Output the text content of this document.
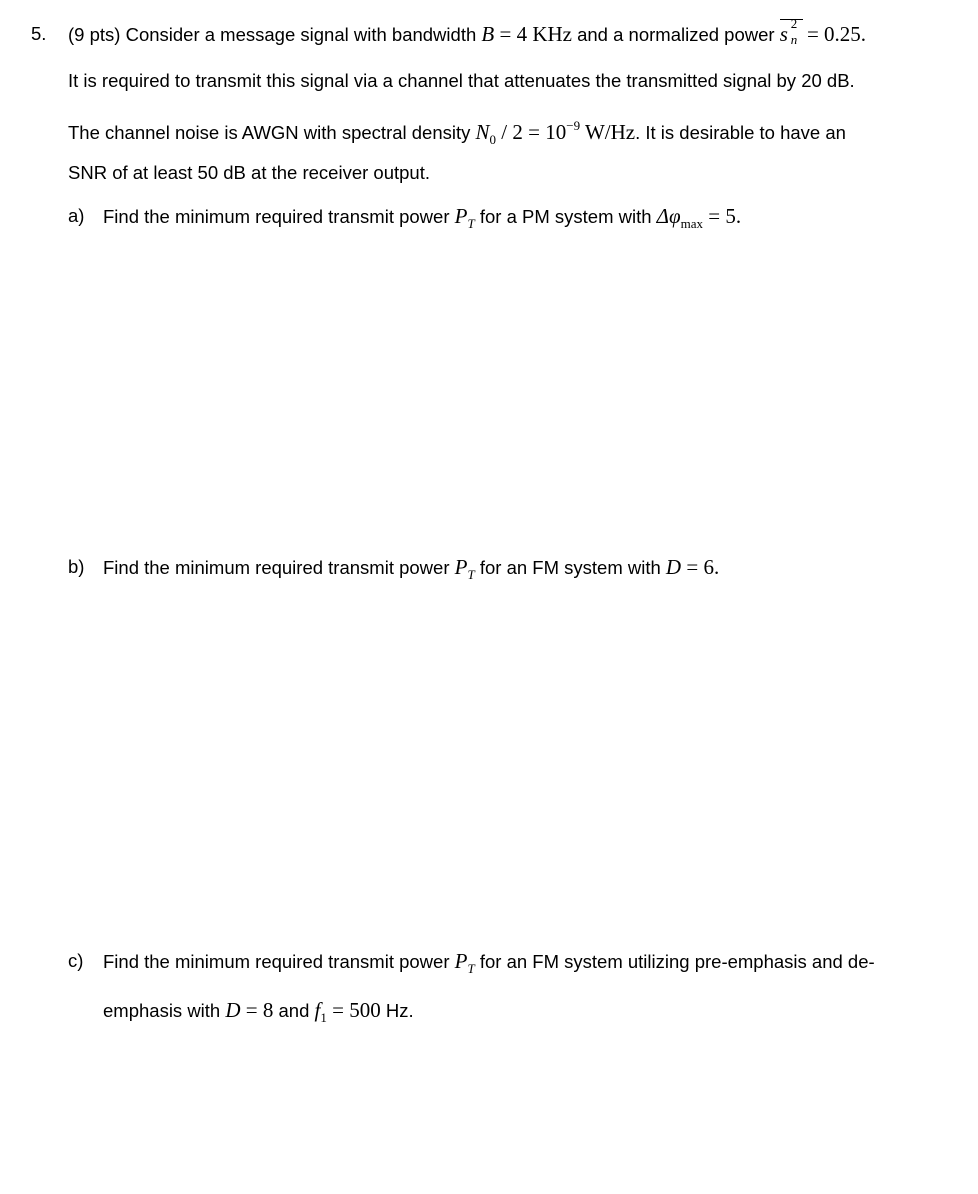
5. (9 pts) Consider a message signal with bandwidth B = 4 KHz and a normalized power s 2
n = 0.25.
It is required to transmit this signal via a channel that attenuates the transmitted signal by 20 dB.
The channel noise is AWGN with spectral density $N_0 / 2 = 10^{-9}$ W/Hz. It is desirable to have an
SNR of at least 50 dB at the receiver output.
a) Find the minimum required transmit power $P_T$ for a PM system with $\Delta\varphi_{max} = 5$.
b) Find the minimum required transmit power $P_T$ for an FM system with D = 6.
c) Find the minimum required transmit power $P_T$ for an FM system utilizing pre-emphasis and de-
emphasis with D = 8 and $f_1 = 500$ Hz.
